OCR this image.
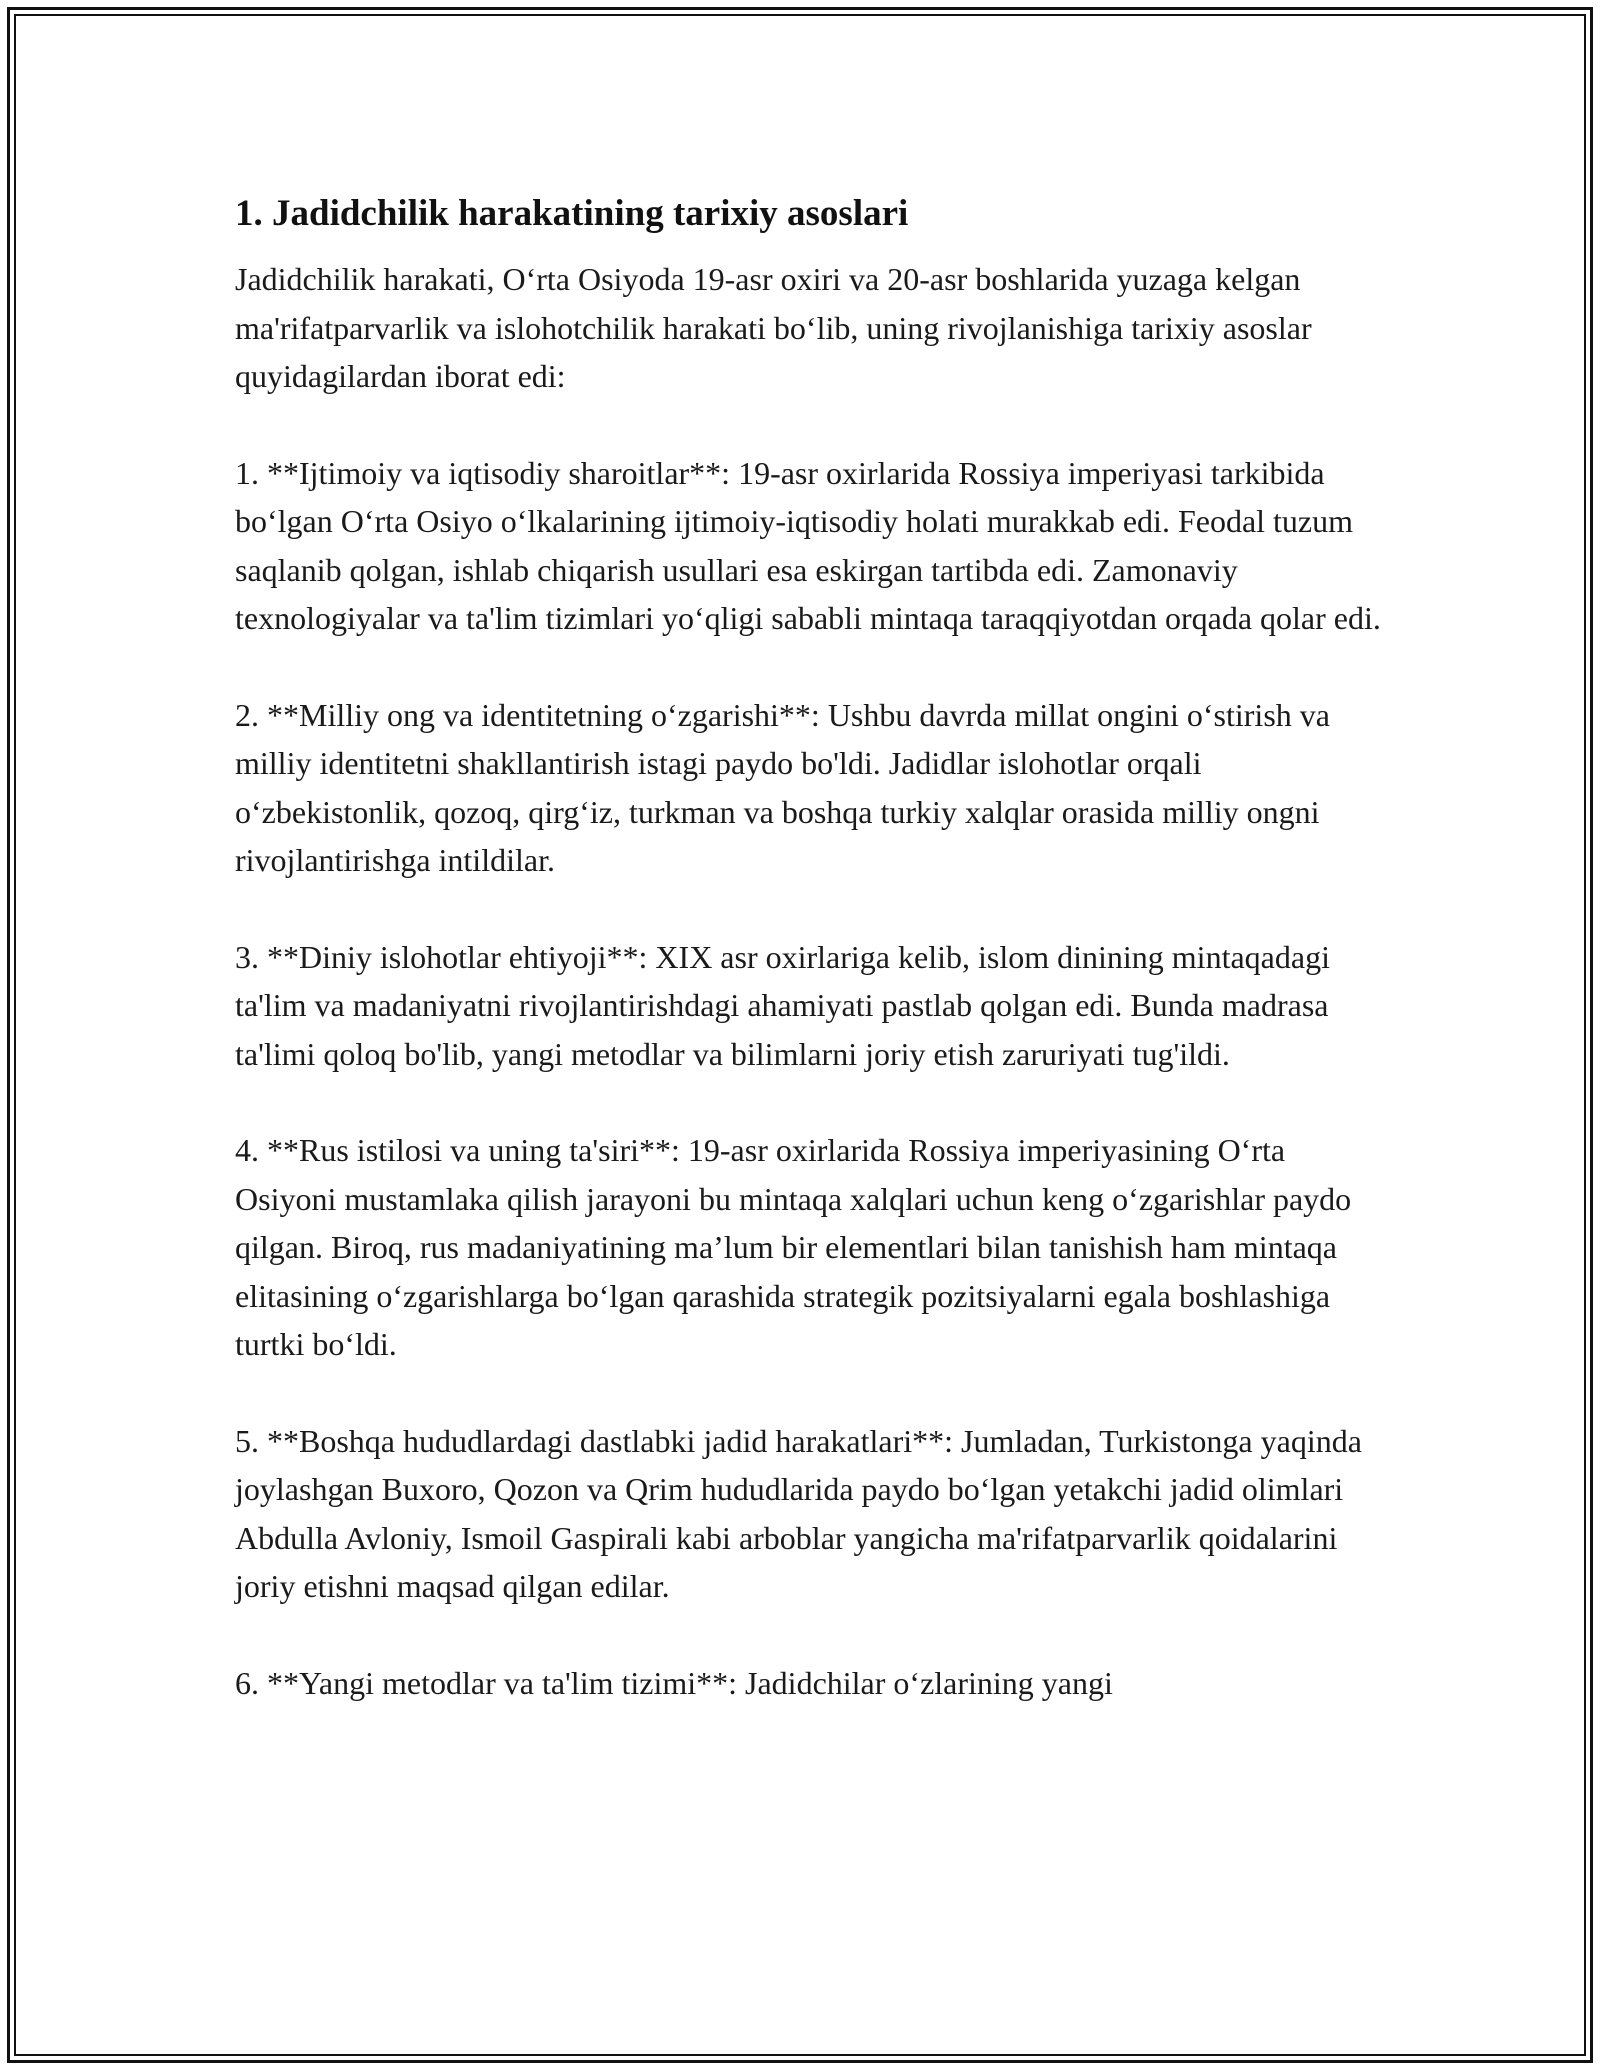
1. Jadidchilik harakatining tarixiy asoslari

Jadidchilik harakati, O‘rta Osiyoda 19-asr oxiri va 20-asr boshlarida yuzaga kelgan ma'rifatparvarlik va islohotchilik harakati bo‘lib, uning rivojlanishiga tarixiy asoslar quyidagilardan iborat edi:

1. **Ijtimoiy va iqtisodiy sharoitlar**: 19-asr oxirlarida Rossiya imperiyasi tarkibida bo‘lgan O‘rta Osiyo o‘lkalarining ijtimoiy-iqtisodiy holati murakkab edi. Feodal tuzum saqlanib qolgan, ishlab chiqarish usullari esa eskirgan tartibda edi. Zamonaviy texnologiyalar va ta'lim tizimlari yo‘qligi sababli mintaqa taraqqiyotdan orqada qolar edi.

2. **Milliy ong va identitetning o‘zgarishi**: Ushbu davrda millat ongini o‘stirish va milliy identitetni shakllantirish istagi paydo bo'ldi. Jadidlar islohotlar orqali o‘zbekistonlik, qozoq, qirg‘iz, turkman va boshqa turkiy xalqlar orasida milliy ongni rivojlantirishga intildilar.

3. **Diniy islohotlar ehtiyoji**: XIX asr oxirlariga kelib, islom dinining mintaqadagi ta'lim va madaniyatni rivojlantirishdagi ahamiyati pastlab qolgan edi. Bunda madrasa ta'limi qoloq bo'lib, yangi metodlar va bilimlarni joriy etish zaruriyati tug'ildi.

4. **Rus istilosi va uning ta'siri**: 19-asr oxirlarida Rossiya imperiyasining O‘rta Osiyoni mustamlaka qilish jarayoni bu mintaqa xalqlari uchun keng o‘zgarishlar paydo qilgan. Biroq, rus madaniyatining ma’lum bir elementlari bilan tanishish ham mintaqa elitasining o‘zgarishlarga bo‘lgan qarashida strategik pozitsiyalarni egala boshlashiga turtki bo‘ldi.

5. **Boshqa hududlardagi dastlabki jadid harakatlari**: Jumladan, Turkistonga yaqinda joylashgan Buxoro, Qozon va Qrim hududlarida paydo bo‘lgan yetakchi jadid olimlari Abdulla Avloniy, Ismoil Gaspirali kabi arboblar yangicha ma'rifatparvarlik qoidalarini joriy etishni maqsad qilgan edilar.

6. **Yangi metodlar va ta'lim tizimi**: Jadidchilar o‘zlarining yangi
